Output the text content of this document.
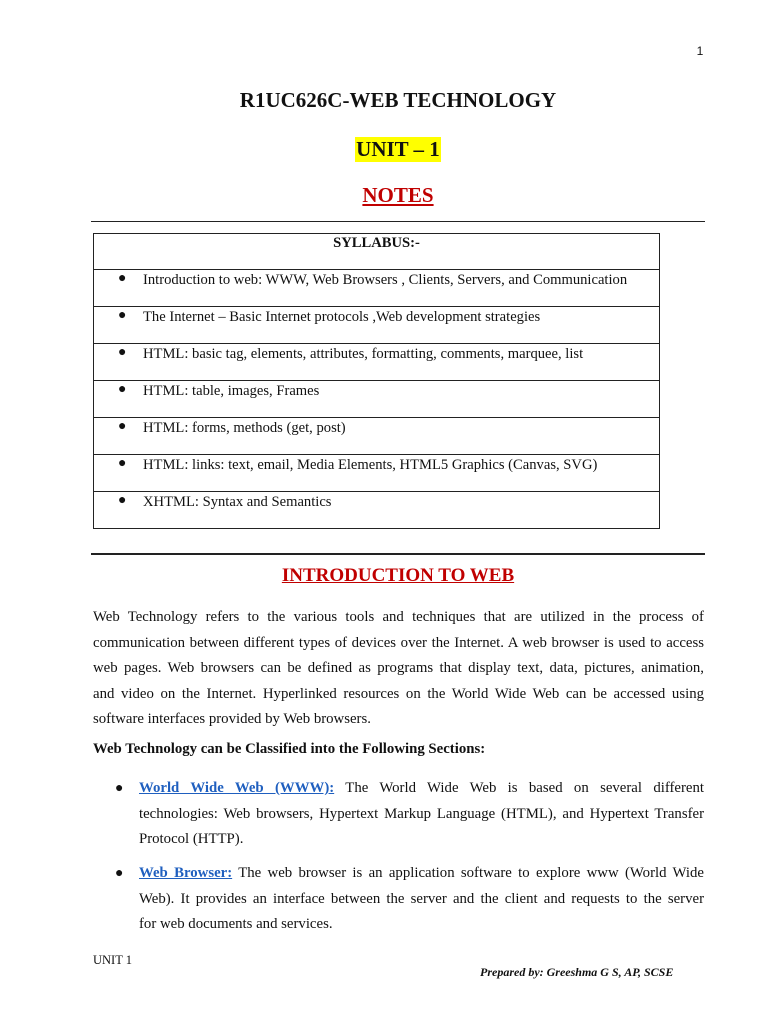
1
R1UC626C-WEB TECHNOLOGY
UNIT – 1
NOTES
SYLLABUS:-

● Introduction to web: WWW, Web Browsers , Clients, Servers, and Communication

● The Internet – Basic Internet protocols ,Web development strategies

● HTML: basic tag, elements, attributes, formatting, comments, marquee, list

● HTML: table, images, Frames

● HTML: forms, methods (get, post)

● HTML: links: text, email, Media Elements, HTML5 Graphics (Canvas, SVG)

● XHTML: Syntax and Semantics
INTRODUCTION TO WEB
Web Technology refers to the various tools and techniques that are utilized in the process of
communication between different types of devices over the Internet. A web browser is used to access
web pages. Web browsers can be defined as programs that display text, data, pictures, animation,
and video on the Internet. Hyperlinked resources on the World Wide Web can be accessed using
software interfaces provided by Web browsers.
Web Technology can be Classified into the Following Sections:
● World Wide Web (WWW): The World Wide Web is based on several different
technologies: Web browsers, Hypertext Markup Language (HTML), and Hypertext Transfer
Protocol (HTTP).
● Web Browser: The web browser is an application software to explore www (World Wide
Web). It provides an interface between the server and the client and requests to the server
for web documents and services.
UNIT 1
Prepared by: Greeshma G S, AP, SCSE
